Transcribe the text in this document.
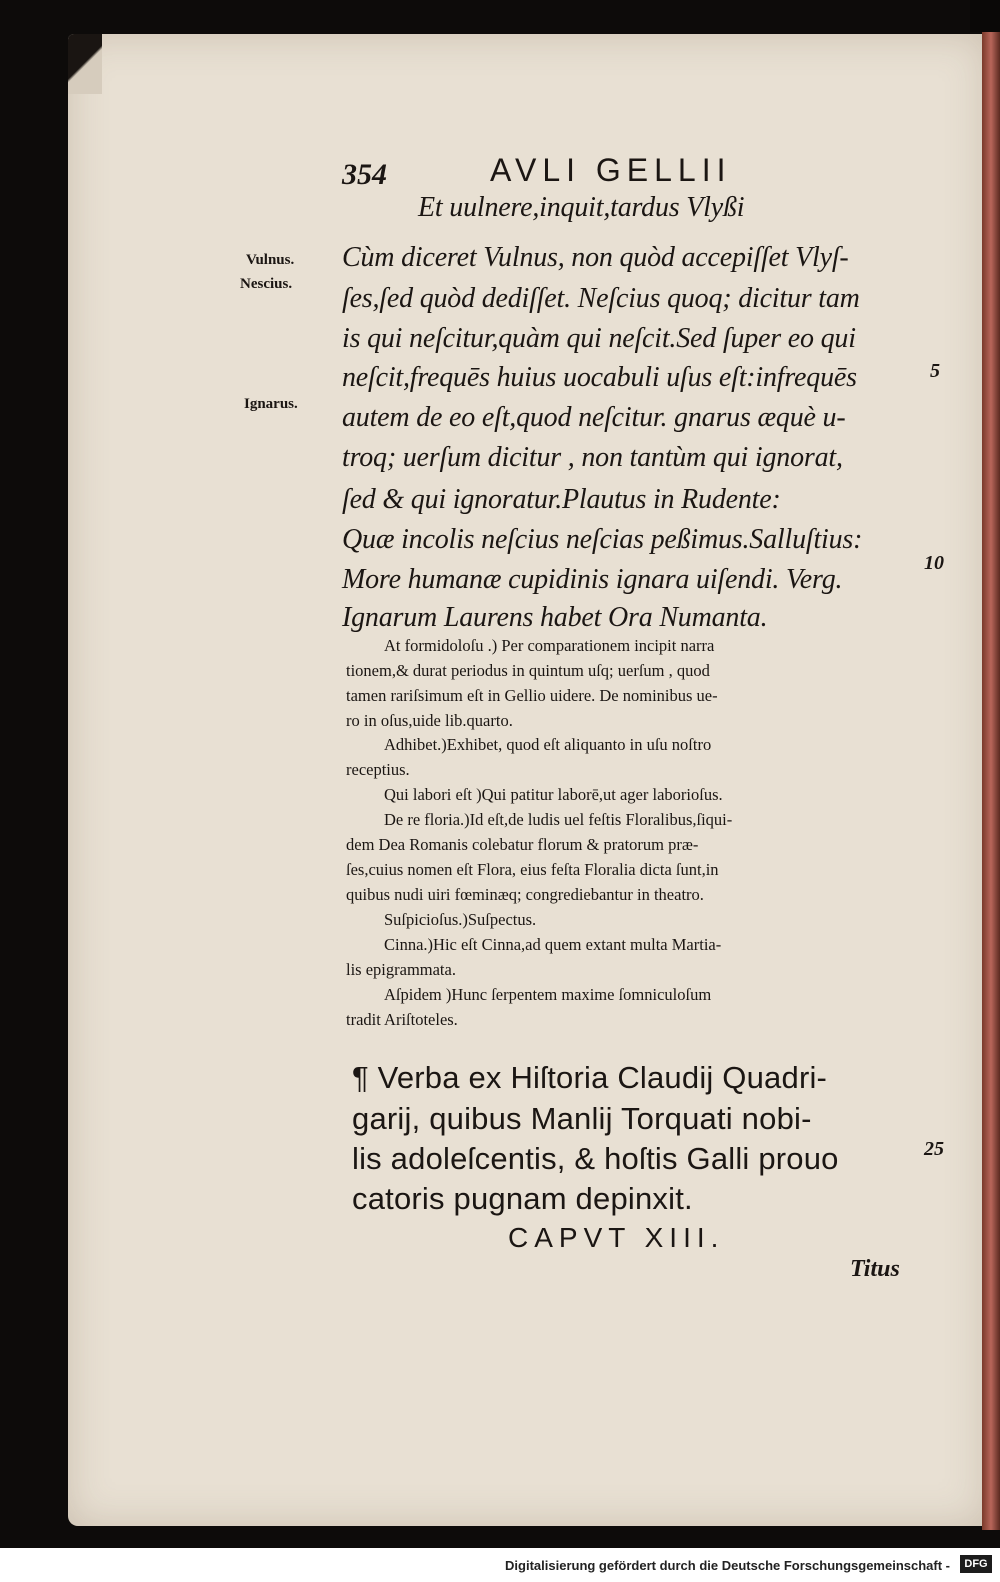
354	AVLI GELLII
Vulnus.
Nescius.
Ignarus.
Et uulnere,inquit,tardus Vlyßi
Cùm diceret Vulnus, non quòd accepiſſet Vlyſ-
ſes,ſed quòd dediſſet. Neſcius quoq; dicitur tam
is qui neſcitur,quàm qui neſcit.Sed ſuper eo qui
neſcit,frequēs huius uocabuli uſus eſt:infrequēs
autem de eo eſt,quod neſcitur. gnarus æquè u-
troq; uerſum dicitur , non tantùm qui ignorat,
ſed & qui ignoratur.Plautus in Rudente:
Quæ incolis neſcius neſcias peßimus.Salluſtius:
More humanæ cupidinis ignara uiſendi. Verg.
Ignarum Laurens habet Ora Numanta.
5
10
25
At formidoloſu .) Per comparationem incipit narra
tionem,& durat periodus in quintum uſq; uerſum , quod
tamen rariſsimum eſt in Gellio uidere. De nominibus ue-
ro in oſus,uide lib.quarto.
Adhibet.)Exhibet, quod eſt aliquanto in uſu noſtro
receptius.
Qui labori eſt )Qui patitur laborē,ut ager laborioſus.
De re floria.)Id eſt,de ludis uel feſtis Floralibus,ſiqui-
dem Dea Romanis colebatur florum & pratorum præ-
ſes,cuius nomen eſt Flora, eius feſta Floralia dicta ſunt,in
quibus nudi uiri fœminæq; congrediebantur in theatro.
Suſpicioſus.)Suſpectus.
Cinna.)Hic eſt Cinna,ad quem extant multa Martia-
lis epigrammata.
Aſpidem )Hunc ſerpentem maxime ſomniculoſum
tradit Ariſtoteles.
¶ Verba ex Hiſtoria Claudij Quadri-
garij, quibus Manlij Torquati nobi-
lis adoleſcentis, & hoſtis Galli prouo
catoris pugnam depinxit.
CAPVT XIII.
Titus
Digitalisierung gefördert durch die Deutsche Forschungsgemeinschaft -	DFG
